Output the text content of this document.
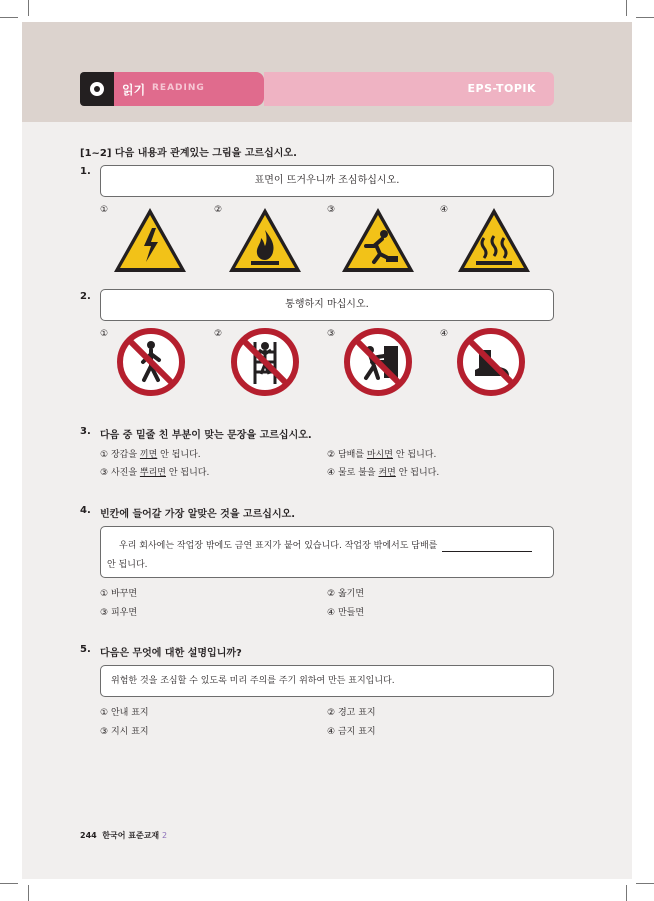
읽기 READING	EPS-TOPIK
[1~2] 다음 내용과 관계있는 그림을 고르십시오.
1.
표면이 뜨거우니까 조심하십시오.
①	②	③	④
2.
통행하지 마십시오.
①	②	③	④
3. 다음 중 밑줄 친 부분이 맞는 문장을 고르십시오.
① 장갑을 끼면 안 됩니다.	② 담배를 마시면 안 됩니다.
③ 사진을 뿌리면 안 됩니다.	④ 물로 불을 켜면 안 됩니다.
4. 빈칸에 들어갈 가장 알맞은 것을 고르십시오.
우리 회사에는 작업장 밖에도 금연 표지가 붙어 있습니다. 작업장 밖에서도 담배를
안 됩니다.
① 바꾸면	② 옮기면
③ 피우면	④ 만들면
5. 다음은 무엇에 대한 설명입니까?
위험한 것을 조심할 수 있도록 미리 주의를 주기 위하여 만든 표지입니다.
① 안내 표지	② 경고 표지
③ 지시 표지	④ 금지 표지
244 한국어 표준교재 2
